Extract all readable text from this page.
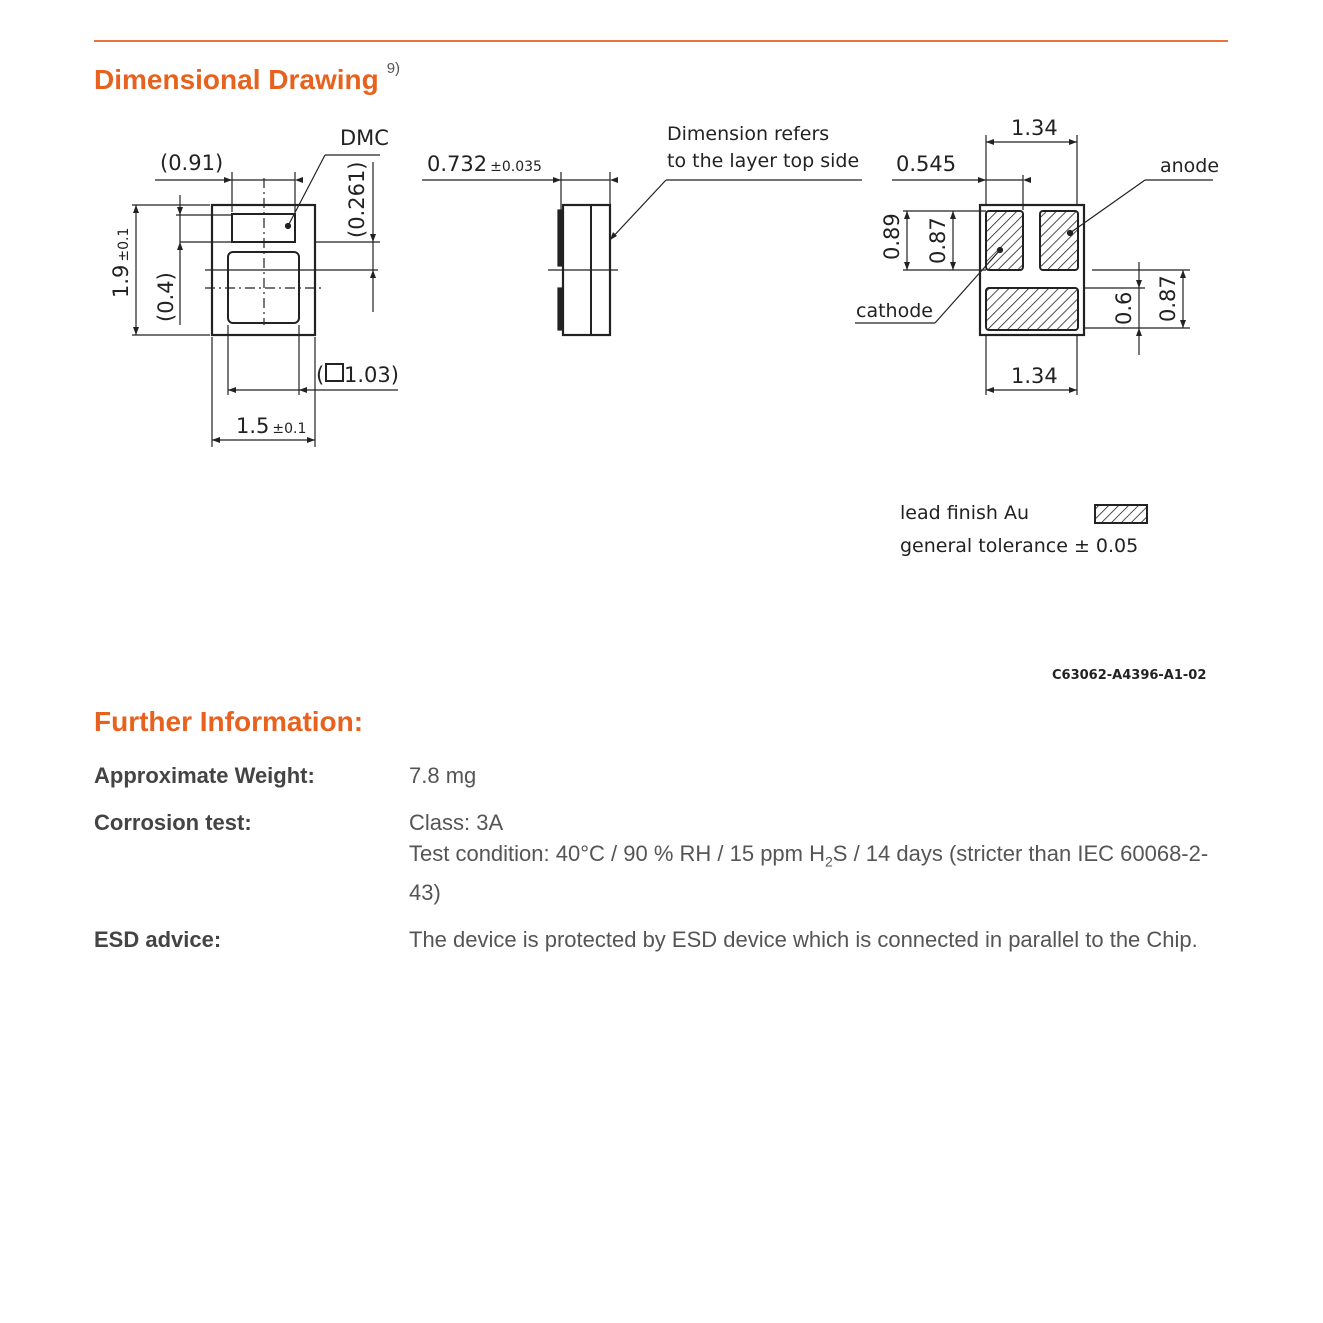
Dimensional Drawing $^{9)}$
(0.91)
DMC
(0.261)
1.9±0.1
(0.4)
( 1.03)
1.5 ±0.1
0.732 ±0.035
Dimension refers
to the layer top side
1.34
0.545	anode
0.89 0.87
cathode	0.6 0.87
1.34
lead finish Au
general tolerance ± 0.05
C63062-A4396-A1-02
Further Information:
Approximate Weight:	7.8 mg
Corrosion test:	Class: 3A
Test condition: 40°C / 90 % RH / 15 ppm $H_2S / 14$ days (stricter than IEC 60068-2-43)
ESD advice:	The device is protected by ESD device which is connected in parallel to the Chip.
